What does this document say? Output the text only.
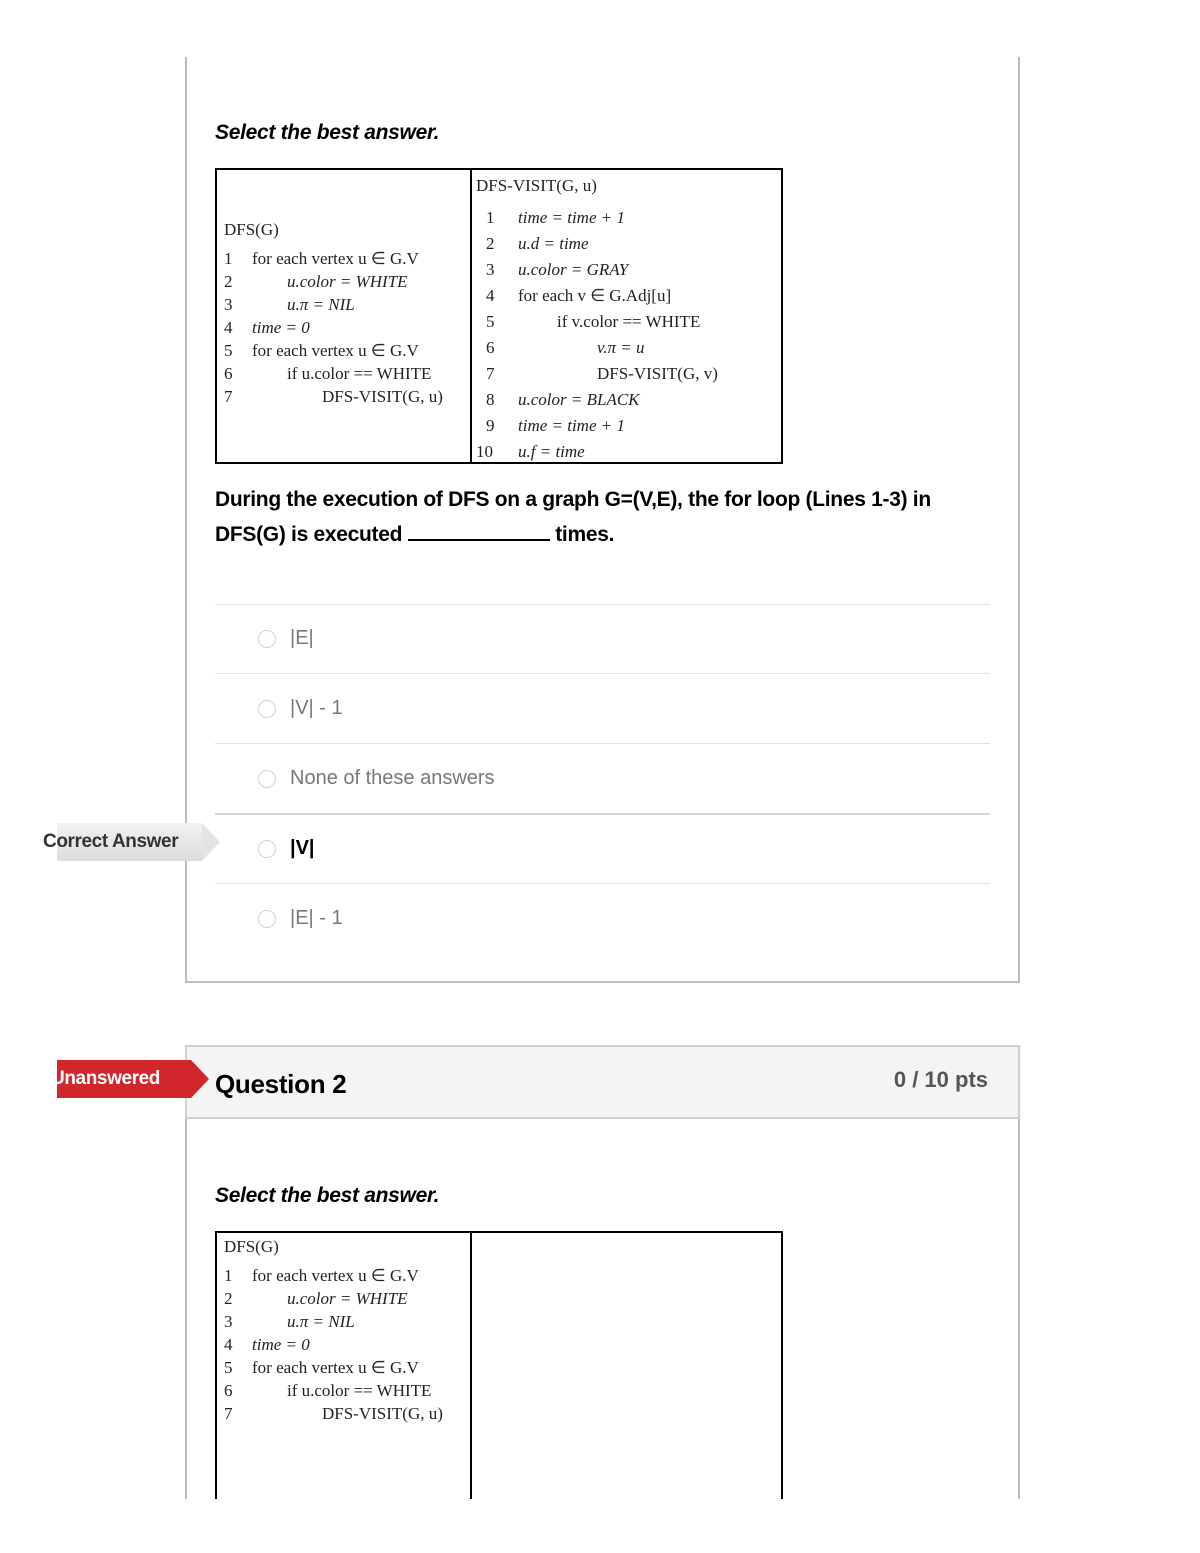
Select the best answer.
DFS(G)
1 for each vertex u ∈ G.V
2	u.color = WHITE
3	u.π = NIL
4 time = 0
5 for each vertex u ∈ G.V
6	if u.color == WHITE
7	DFS-VISIT(G, u)
DFS-VISIT(G, u)
1 time = time + 1
2 u.d = time
3 u.color = GRAY
4 for each v ∈ G.Adj[u]
5	if v.color == WHITE
6	v.π = u
7	DFS-VISIT(G, v)
8 u.color = BLACK
9 time = time + 1
10 u.f = time
During the execution of DFS on a graph G=(V,E), the for loop (Lines 1-3) in DFS(G) is executed	times.
|E|
|V| - 1
None of these answers
|V|
|E| - 1
Correct Answer
Question 2	0 / 10 pts
Unanswered
Select the best answer.
DFS(G)
1 for each vertex u ∈ G.V
2	u.color = WHITE
3	u.π = NIL
4 time = 0
5 for each vertex u ∈ G.V
6	if u.color == WHITE
7	DFS-VISIT(G, u)
